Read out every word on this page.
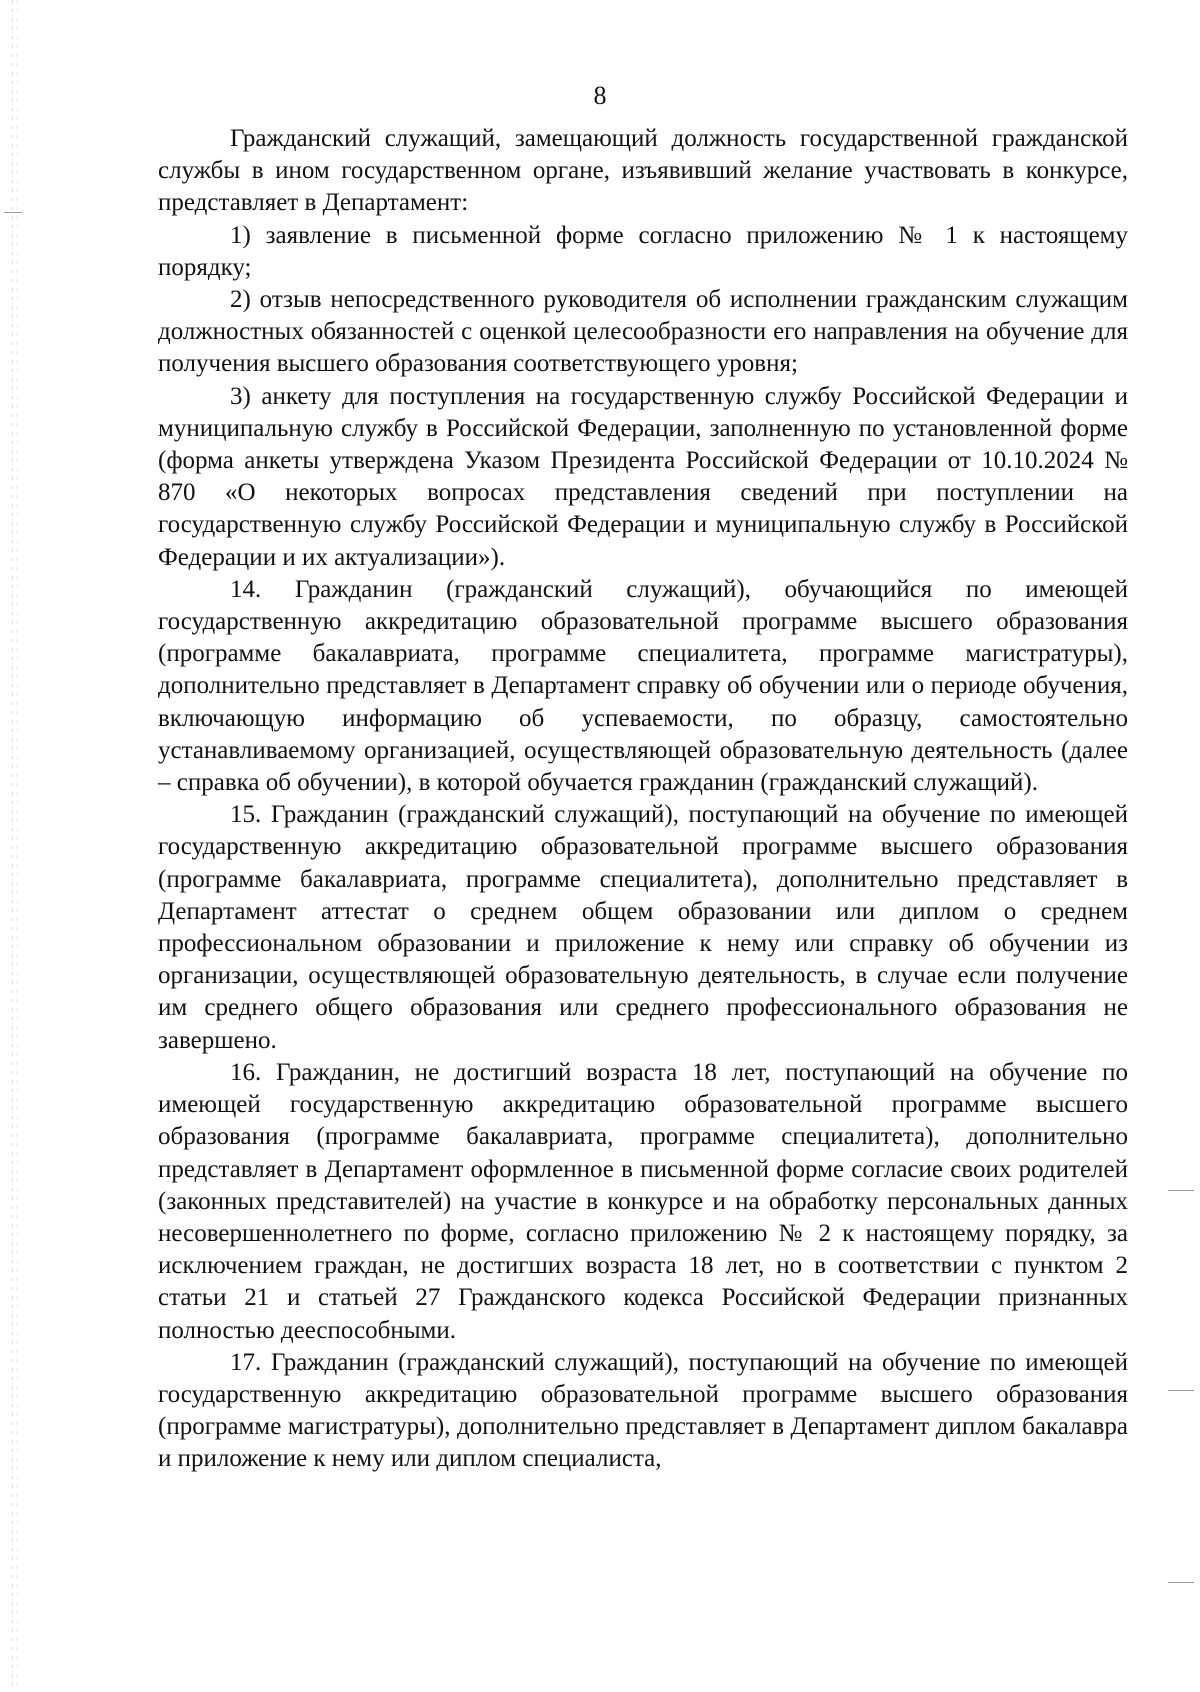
8

Гражданский служащий, замещающий должность государственной гражданской службы в ином государственном органе, изъявивший желание участвовать в конкурсе, представляет в Департамент:

1) заявление в письменной форме согласно приложению № 1 к настоящему порядку;

2) отзыв непосредственного руководителя об исполнении гражданским служащим должностных обязанностей с оценкой целесообразности его направления на обучение для получения высшего образования соответствующего уровня;

3) анкету для поступления на государственную службу Российской Федерации и муниципальную службу в Российской Федерации, заполненную по установленной форме (форма анкеты утверждена Указом Президента Российской Федерации от 10.10.2024 № 870 «О некоторых вопросах представления сведений при поступлении на государственную службу Российской Федерации и муниципальную службу в Российской Федерации и их актуализации»).

14. Гражданин (гражданский служащий), обучающийся по имеющей государственную аккредитацию образовательной программе высшего образования (программе бакалавриата, программе специалитета, программе магистратуры), дополнительно представляет в Департамент справку об обучении или о периоде обучения, включающую информацию об успеваемости, по образцу, самостоятельно устанавливаемому организацией, осуществляющей образовательную деятельность (далее – справка об обучении), в которой обучается гражданин (гражданский служащий).

15. Гражданин (гражданский служащий), поступающий на обучение по имеющей государственную аккредитацию образовательной программе высшего образования (программе бакалавриата, программе специалитета), дополнительно представляет в Департамент аттестат о среднем общем образовании или диплом о среднем профессиональном образовании и приложение к нему или справку об обучении из организации, осуществляющей образовательную деятельность, в случае если получение им среднего общего образования или среднего профессионального образования не завершено.

16. Гражданин, не достигший возраста 18 лет, поступающий на обучение по имеющей государственную аккредитацию образовательной программе высшего образования (программе бакалавриата, программе специалитета), дополнительно представляет в Департамент оформленное в письменной форме согласие своих родителей (законных представителей) на участие в конкурсе и на обработку персональных данных несовершеннолетнего по форме, согласно приложению № 2 к настоящему порядку, за исключением граждан, не достигших возраста 18 лет, но в соответствии с пунктом 2 статьи 21 и статьей 27 Гражданского кодекса Российской Федерации признанных полностью дееспособными.

17. Гражданин (гражданский служащий), поступающий на обучение по имеющей государственную аккредитацию образовательной программе высшего образования (программе магистратуры), дополнительно представляет в Департамент диплом бакалавра и приложение к нему или диплом специалиста,
